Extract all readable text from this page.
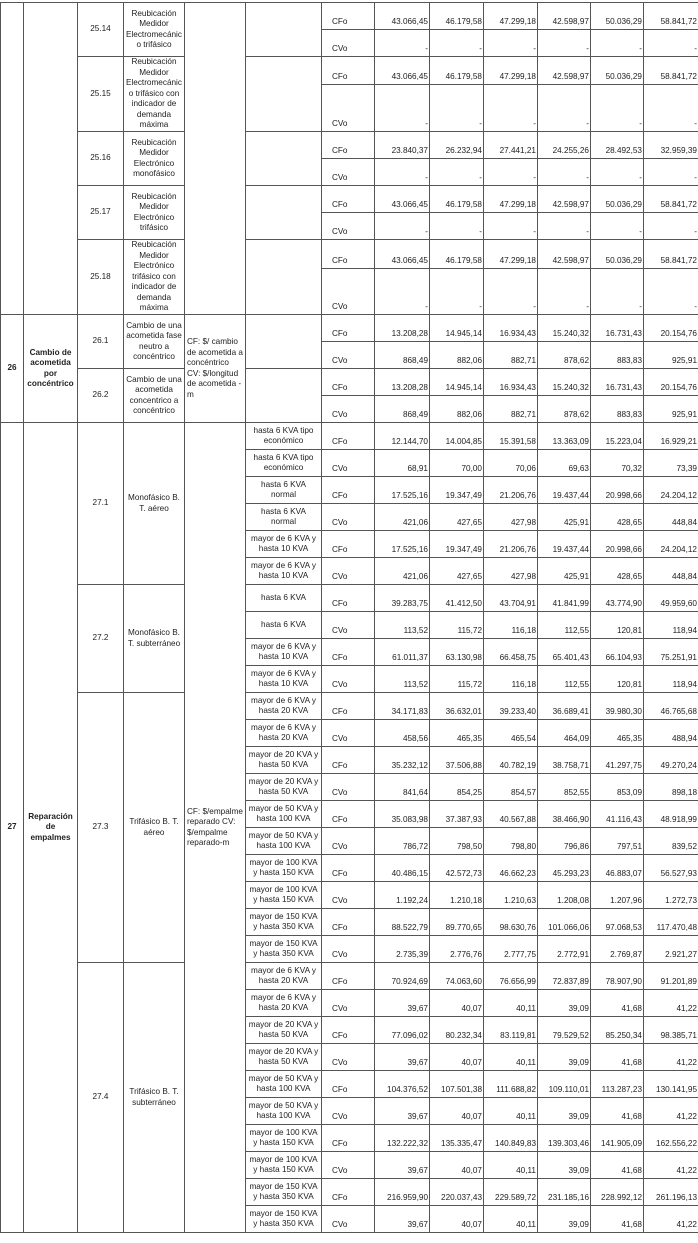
		25.14	Reubicación Medidor Electromecánic o trifásico			CFo	43.066,45	46.179,58	47.299,18	42.598,97	50.036,29	58.841,72
						CVo	-	-	-	-	-	-
		25.15	Reubicación Medidor Electromecánic o trifásico con indicador de demanda máxima			CFo	43.066,45	46.179,58	47.299,18	42.598,97	50.036,29	58.841,72
						CVo	-	-	-	-	-	-
		25.16	Reubicación Medidor Electrónico monofásico			CFo	23.840,37	26.232,94	27.441,21	24.255,26	28.492,53	32.959,39
						CVo	-	-	-	-	-	-
		25.17	Reubicación Medidor Electrónico trifásico			CFo	43.066,45	46.179,58	47.299,18	42.598,97	50.036,29	58.841,72
						CVo	-	-	-	-	-	-
		25.18	Reubicación Medidor Electrónico trifásico con indicador de demanda máxima			CFo	43.066,45	46.179,58	47.299,18	42.598,97	50.036,29	58.841,72
						CVo	-	-	-	-	-	-
26	Cambio de acometida por concéntrico	26.1	Cambio de una acometida fase neutro a concéntrico	CF: $/ cambio de acometida a concéntrico CV: $/longitud de acometida -m		CFo	13.208,28	14.945,14	16.934,43	15.240,32	16.731,43	20.154,76
						CVo	868,49	882,06	882,71	878,62	883,83	925,91
		26.2	Cambio de una acometida concentrico a concéntrico			CFo	13.208,28	14.945,14	16.934,43	15.240,32	16.731,43	20.154,76
						CVo	868,49	882,06	882,71	878,62	883,83	925,91
27	Reparación de empalmes	27.1	Monofásico B. T. aéreo	CF: $/empalme reparado CV: $/empalme reparado-m	hasta 6 KVA tipo económico	CFo	12.144,70	14.004,85	15.391,58	13.363,09	15.223,04	16.929,21
					hasta 6 KVA tipo económico	CVo	68,91	70,00	70,06	69,63	70,32	73,39
					hasta 6 KVA normal	CFo	17.525,16	19.347,49	21.206,76	19.437,44	20.998,66	24.204,12
					hasta 6 KVA normal	CVo	421,06	427,65	427,98	425,91	428,65	448,84
					mayor de 6 KVA y hasta 10 KVA	CFo	17.525,16	19.347,49	21.206,76	19.437,44	20.998,66	24.204,12
					mayor de 6 KVA y hasta 10 KVA	CVo	421,06	427,65	427,98	425,91	428,65	448,84
		27.2	Monofásico B. T. subterráneo		hasta 6 KVA	CFo	39.283,75	41.412,50	43.704,91	41.841,99	43.774,90	49.959,60
					hasta 6 KVA	CVo	113,52	115,72	116,18	112,55	120,81	118,94
					mayor de 6 KVA y hasta 10 KVA	CFo	61.011,37	63.130,98	66.458,75	65.401,43	66.104,93	75.251,91
					mayor de 6 KVA y hasta 10 KVA	CVo	113,52	115,72	116,18	112,55	120,81	118,94
		27.3	Trifásico B. T. aéreo		mayor de 6 KVA y hasta 20 KVA	CFo	34.171,83	36.632,01	39.233,40	36.689,41	39.980,30	46.765,68
					mayor de 6 KVA y hasta 20 KVA	CVo	458,56	465,35	465,54	464,09	465,35	488,94
					mayor de 20 KVA y hasta 50 KVA	CFo	35.232,12	37.506,88	40.782,19	38.758,71	41.297,75	49.270,24
					mayor de 20 KVA y hasta 50 KVA	CVo	841,64	854,25	854,57	852,55	853,09	898,18
					mayor de 50 KVA y hasta 100 KVA	CFo	35.083,98	37.387,93	40.567,88	38.466,90	41.116,43	48.918,99
					mayor de 50 KVA y hasta 100 KVA	CVo	786,72	798,50	798,80	796,86	797,51	839,52
					mayor de 100 KVA y hasta 150 KVA	CFo	40.486,15	42.572,73	46.662,23	45.293,23	46.883,07	56.527,93
					mayor de 100 KVA y hasta 150 KVA	CVo	1.192,24	1.210,18	1.210,63	1.208,08	1.207,96	1.272,73
					mayor de 150 KVA y hasta 350 KVA	CFo	88.522,79	89.770,65	98.630,76	101.066,06	97.068,53	117.470,48
					mayor de 150 KVA y hasta 350 KVA	CVo	2.735,39	2.776,76	2.777,75	2.772,91	2.769,87	2.921,27
		27.4	Trifásico B. T. subterráneo		mayor de 6 KVA y hasta 20 KVA	CFo	70.924,69	74.063,60	76.656,99	72.837,89	78.907,90	91.201,89
					mayor de 6 KVA y hasta 20 KVA	CVo	39,67	40,07	40,11	39,09	41,68	41,22
					mayor de 20 KVA y hasta 50 KVA	CFo	77.096,02	80.232,34	83.119,81	79.529,52	85.250,34	98.385,71
					mayor de 20 KVA y hasta 50 KVA	CVo	39,67	40,07	40,11	39,09	41,68	41,22
					mayor de 50 KVA y hasta 100 KVA	CFo	104.376,52	107.501,38	111.688,82	109.110,01	113.287,23	130.141,95
					mayor de 50 KVA y hasta 100 KVA	CVo	39,67	40,07	40,11	39,09	41,68	41,22
					mayor de 100 KVA y hasta 150 KVA	CFo	132.222,32	135.335,47	140.849,83	139.303,46	141.905,09	162.556,22
					mayor de 100 KVA y hasta 150 KVA	CVo	39,67	40,07	40,11	39,09	41,68	41,22
					mayor de 150 KVA y hasta 350 KVA	CFo	216.959,90	220.037,43	229.589,72	231.185,16	228.992,12	261.196,13
					mayor de 150 KVA y hasta 350 KVA	CVo	39,67	40,07	40,11	39,09	41,68	41,22
